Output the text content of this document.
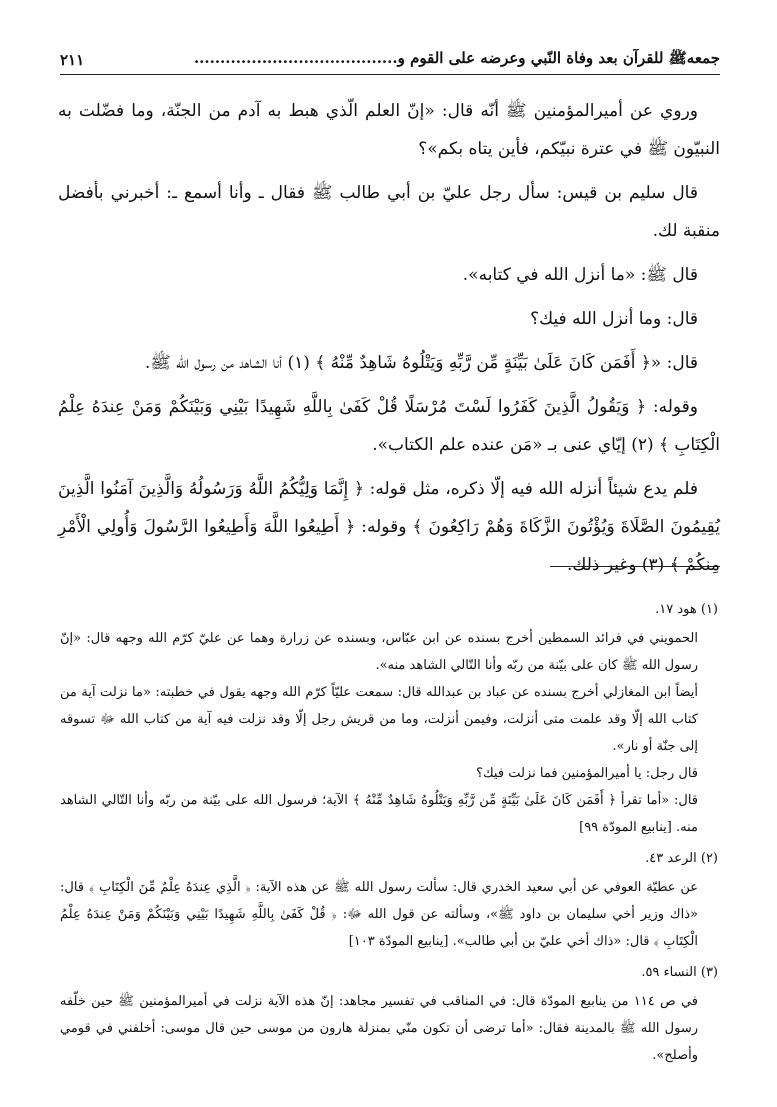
جمعهﷺ للقرآن بعد وفاة النّبي وعرضه على القوم و.......................................
٢١١

وروي عن أميرالمؤمنين ﷺ أنّه قال: «إنّ العلم الّذي هبط به آدم من الجنّة، وما فضّلت به النبيّون ﷺ في عترة نبيّكم، فأين يتاه بكم»؟

قال سليم بن قيس: سأل رجل عليّ بن أبي طالب ﷺ فقال ـ وأنا أسمع ـ: أخبرني بأفضل منقبة لك.

قال ﷺ: «ما أنزل الله في كتابه».

قال: وما أنزل الله فيك؟

قال: «﴿ أَفَمَن كَانَ عَلَىٰ بَيِّنَةٍ مِّن رَّبِّهِ وَيَتْلُوهُ شَاهِدٌ مِّنْهُ ﴾ (١) أنا الشاهد من رسول الله ﷺ.

وقوله: ﴿ وَيَقُولُ الَّذِينَ كَفَرُوا لَسْتَ مُرْسَلًا قُلْ كَفَىٰ بِاللَّهِ شَهِيدًا بَيْنِي وَبَيْنَكُمْ وَمَنْ عِندَهُ عِلْمُ الْكِتَابِ ﴾ (٢) إيّاي عنى بـ «مَن عنده علم الكتاب».

فلم يدع شيئاً أنزله الله فيه إلّا ذكره، مثل قوله: ﴿ إِنَّمَا وَلِيُّكُمُ اللَّهُ وَرَسُولُهُ وَالَّذِينَ آمَنُوا الَّذِينَ يُقِيمُونَ الصَّلَاةَ وَيُؤْتُونَ الزَّكَاةَ وَهُمْ رَاكِعُونَ ﴾ وقوله: ﴿ أَطِيعُوا اللَّهَ وَأَطِيعُوا الرَّسُولَ وَأُولِي الْأَمْرِ مِنكُمْ ﴾ (٣) وغير ذلك.

(١) هود ١٧.

الحمويني في فرائد السمطين أخرج بسنده عن ابن عبّاس، وبسنده عن زرارة وهما عن عليّ كرّم الله وجهه قال: «إنّ رسول الله ﷺ كان على بيّنة من ربّه وأنا التّالي الشاهد منه».

أيضاً ابن المغازلي أخرج بسنده عن عباد بن عبدالله قال: سمعت عليّاً كرّم الله وجهه يقول في خطبته: «ما نزلت آية من كتاب الله إلّا وقد علمت متى أنزلت، وفيمن أنزلت، وما من قريش رجل إلّا وقد نزلت فيه آية من كتاب الله ﷻ تسوقه إلى جنّة أو نار».

قال رجل: يا أميرالمؤمنين فما نزلت فيك؟

قال: «أما تقرأ ﴿ أَفَمَن كَانَ عَلَىٰ بَيِّنَةٍ مِّن رَّبِّهِ وَيَتْلُوهُ شَاهِدٌ مِّنْهُ ﴾ الآية؛ فرسول الله على بيّنة من ربّه وأنا التّالي الشاهد منه. [ينابيع المودّة ٩٩]

(٢) الرعد ٤٣.

عن عطيّة العوفي عن أبي سعيد الخدري قال: سألت رسول الله ﷺ عن هذه الآية: ﴿ الَّذِي عِندَهُ عِلْمٌ مِّنَ الْكِتَابِ ﴾ قال: «ذاك وزير أخي سليمان بن داود ﷺ»، وسألته عن قول الله ﷻ: ﴿ قُلْ كَفَىٰ بِاللَّهِ شَهِيدًا بَيْنِي وَبَيْنَكُمْ وَمَنْ عِندَهُ عِلْمُ الْكِتَابِ ﴾ قال: «ذاك أخي عليّ بن أبي طالب». [ينابيع المودّة ١٠٣]

(٣) النساء ٥٩.

في ص ١١٤ من ينابيع المودّة قال: في المناقب في تفسير مجاهد: إنّ هذه الآية نزلت في أميرالمؤمنين ﷺ حين خلّفه رسول الله ﷺ بالمدينة فقال: «أما ترضى أن تكون منّي بمنزلة هارون من موسى حين قال موسى: أخلفني في قومي وأصلح».
